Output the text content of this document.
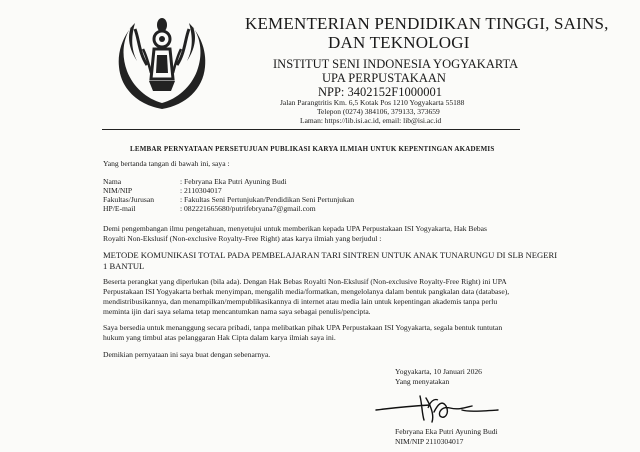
KEMENTERIAN PENDIDIKAN TINGGI, SAINS,
DAN TEKNOLOGI
INSTITUT SENI INDONESIA YOGYAKARTA
UPA PERPUSTAKAAN
NPP: 3402152F1000001
Jalan Parangtritis Km. 6,5 Kotak Pos 1210 Yogyakarta 55188
Telepon (0274) 384106, 379133, 373659
Laman: https://lib.isi.ac.id, email: lib@isi.ac.id
LEMBAR PERNYATAAN PERSETUJUAN PUBLIKASI KARYA ILMIAH UNTUK KEPENTINGAN AKADEMIS
Yang bertanda tangan di bawah ini, saya :
Nama	: Febryana Eka Putri Ayuning Budi
NIM/NIP	: 2110304017
Fakultas/Jurusan	: Fakultas Seni Pertunjukan/Pendidikan Seni Pertunjukan
HP/E-mail	: 082221665680/putrifebryana7@gmail.com
Demi pengembangan ilmu pengetahuan, menyetujui untuk memberikan kepada UPA Perpustakaan ISI Yogyakarta, Hak Bebas
Royalti Non-Ekslusif (Non-exclusive Royalty-Free Right) atas karya ilmiah yang berjudul :
METODE KOMUNIKASI TOTAL PADA PEMBELAJARAN TARI SINTREN UNTUK ANAK TUNARUNGU DI SLB NEGERI
1 BANTUL
Beserta perangkat yang diperlukan (bila ada). Dengan Hak Bebas Royalti Non-Ekslusif (Non-exclusive Royalty-Free Right) ini UPA
Perpustakaan ISI Yogyakarta berhak menyimpan, mengalih media/formatkan, mengelolanya dalam bentuk pangkalan data (database),
mendistribusikannya, dan menampilkan/mempublikasikannya di internet atau media lain untuk kepentingan akademis tanpa perlu
meminta ijin dari saya selama tetap mencantumkan nama saya sebagai penulis/pencipta.
Saya bersedia untuk menanggung secara pribadi, tanpa melibatkan pihak UPA Perpustakaan ISI Yogyakarta, segala bentuk tuntutan
hukum yang timbul atas pelanggaran Hak Cipta dalam karya ilmiah saya ini.
Demikian pernyataan ini saya buat dengan sebenarnya.
Yogyakarta, 10 Januari 2026
Yang menyatakan
Febryana Eka Putri Ayuning Budi
NIM/NIP 2110304017
